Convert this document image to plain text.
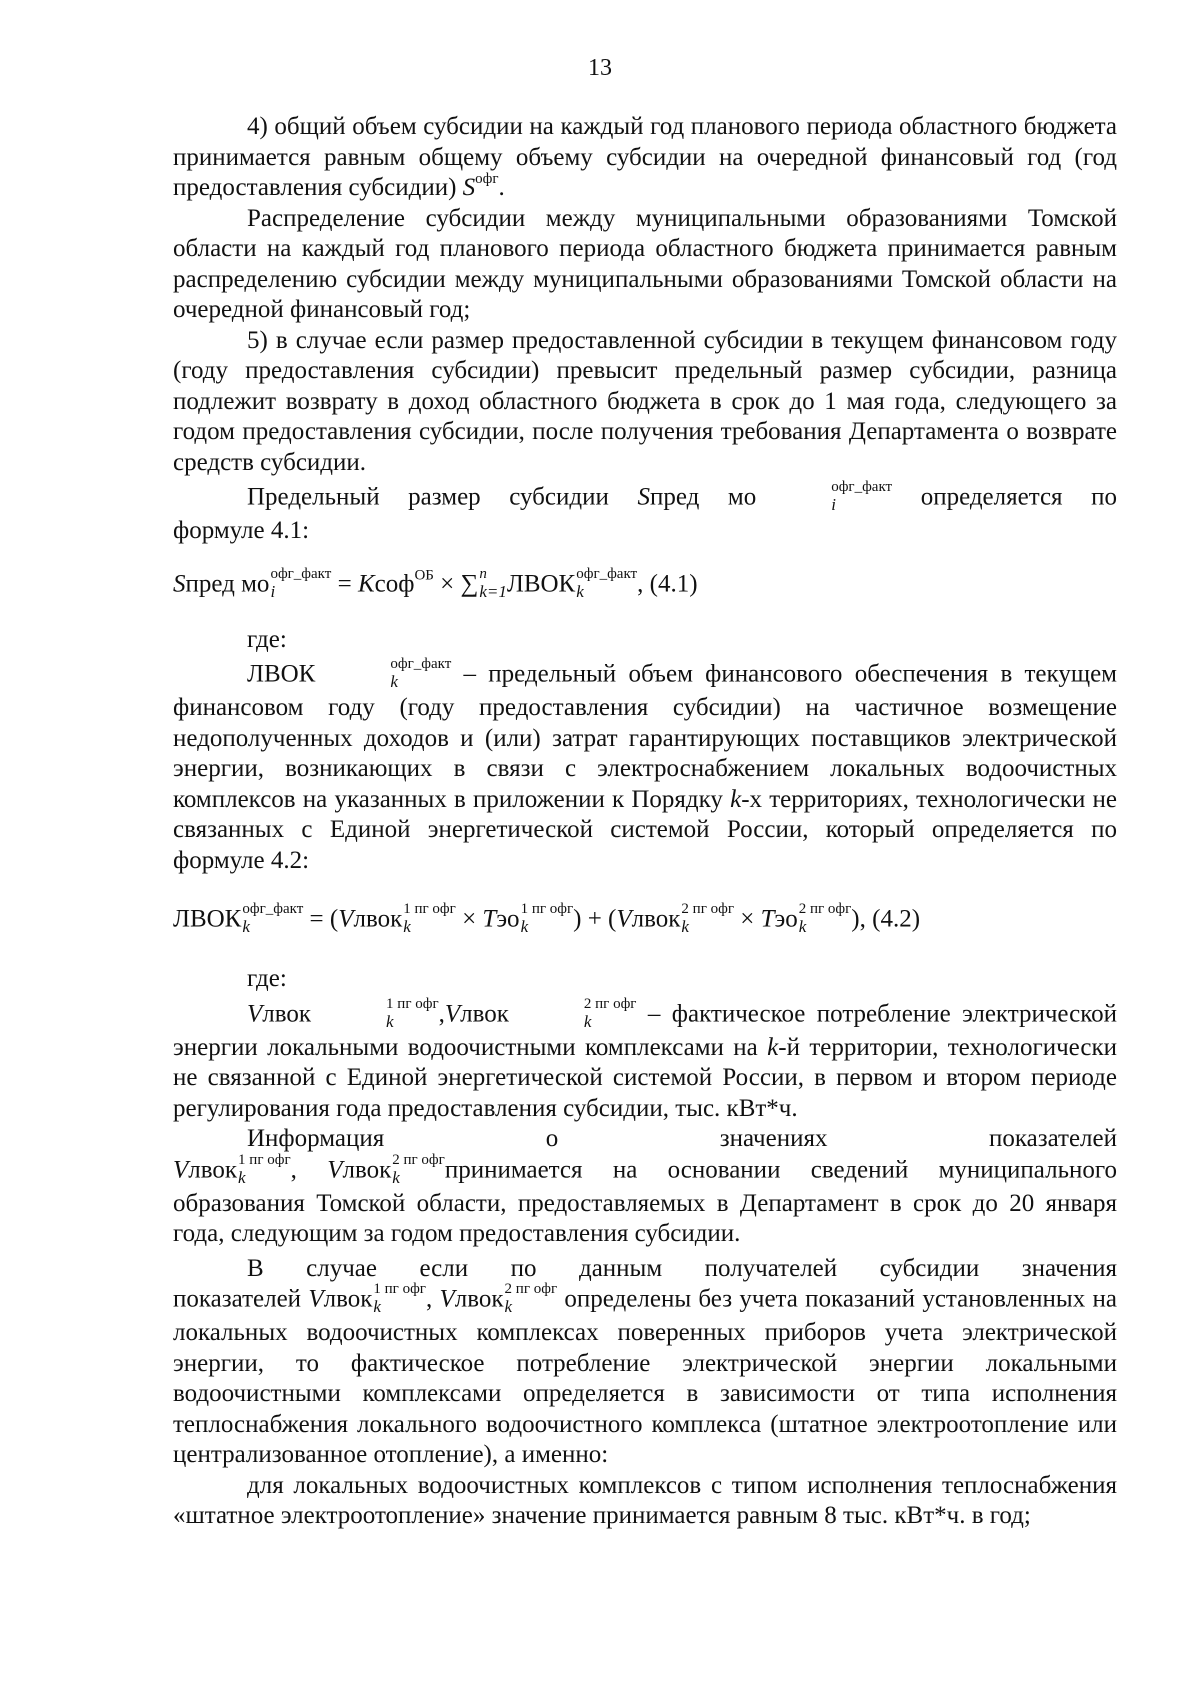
13

4) общий объем субсидии на каждый год планового периода областного бюджета принимается равным общему объему субсидии на очередной финансовый год (год предоставления субсидии) $S^{офг}$.

Распределение субсидии между муниципальными образованиями Томской области на каждый год планового периода областного бюджета принимается равным распределению субсидии между муниципальными образованиями Томской области на очередной финансовый год;

5) в случае если размер предоставленной субсидии в текущем финансовом году (году предоставления субсидии) превысит предельный размер субсидии, разница подлежит возврату в доход областного бюджета в срок до 1 мая года, следующего за годом предоставления субсидии, после получения требования Департамента о возврате средств субсидии.

Предельный размер субсидии Sпред мо	офг_факт
i	определяется по

формуле 4.1:

Sпред мо офг_факт
i	= Kсоф$^{ОБ}$ × ∑ n
k=1 ЛВОК офг_факт
k	, (4.1)

где:

ЛВОК	офг_факт
k	– предельный объем финансового обеспечения в текущем финансовом году (году предоставления субсидии) на частичное возмещение недополученных доходов и (или) затрат гарантирующих поставщиков электрической энергии, возникающих в связи с электроснабжением локальных водоочистных комплексов на указанных в приложении к Порядку k-х территориях, технологически не связанных с Единой энергетической системой России, который определяется по формуле 4.2:

ЛВОК офг_факт
k	= (Vлвок 1 пг офг
k	× Tэо 1 пг офг
k	) + (Vлвок 2 пг офг
k	× Tэо 2 пг офг
k	), (4.2)

где:

Vлвок	1 пг офг
k	,Vлвок	2 пг офг
k	– фактическое потребление электрической энергии локальными водоочистными комплексами на k-й территории, технологически не связанной с Единой энергетической системой России, в первом и втором периоде регулирования года предоставления субсидии, тыс. кВт*ч.

Информация о значениях показателей

Vлвок 1 пг офг
k	, Vлвок 2 пг офг
k	принимается на основании сведений муниципального образования Томской области, предоставляемых в Департамент в срок до 20 января года, следующим за годом предоставления субсидии.

В случае если по данным получателей субсидии значения

показателей Vлвок 1 пг офг
k	, Vлвок 2 пг офг
k	определены без учета показаний установленных на локальных водоочистных комплексах поверенных приборов учета электрической энергии, то фактическое потребление электрической энергии локальными водоочистными комплексами определяется в зависимости от типа исполнения теплоснабжения локального водоочистного комплекса (штатное электроотопление или централизованное отопление), а именно:

для локальных водоочистных комплексов с типом исполнения теплоснабжения «штатное электроотопление» значение принимается равным 8 тыс. кВт*ч. в год;
